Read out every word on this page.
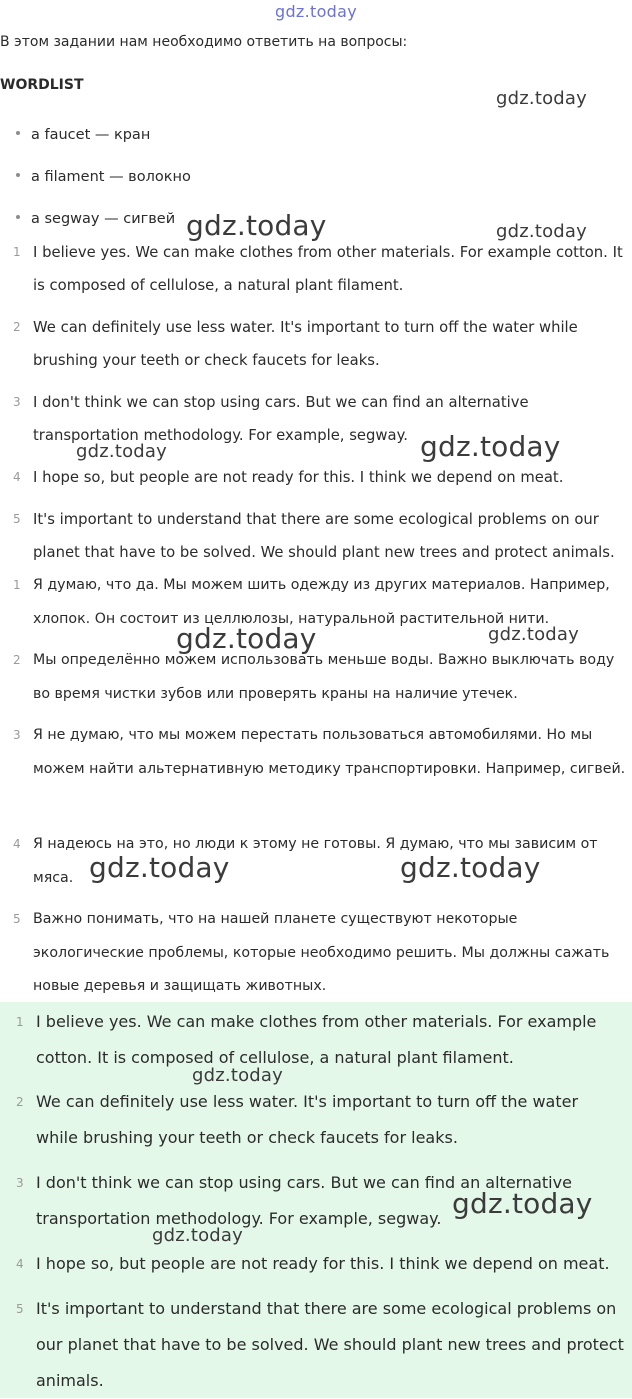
gdz.today
В этом задании нам необходимо ответить на вопросы:
WORDLIST
a faucet — кран
a filament — волокно
a segway — сигвей
1 I believe yes. We can make clothes from other materials. For example cotton. It is composed of cellulose, a natural plant filament.
2 We can definitely use less water. It's important to turn off the water while brushing your teeth or check faucets for leaks.
3 I don't think we can stop using cars. But we can find an alternative transportation methodology. For example, segway.
4 I hope so, but people are not ready for this. I think we depend on meat.
5 It's important to understand that there are some ecological problems on our planet that have to be solved. We should plant new trees and protect animals.
1 Я думаю, что да. Мы можем шить одежду из других материалов. Например, хлопок. Он состоит из целлюлозы, натуральной растительной нити.
2 Мы определённо можем использовать меньше воды. Важно выключать воду во время чистки зубов или проверять краны на наличие утечек.
3 Я не думаю, что мы можем перестать пользоваться автомобилями. Но мы можем найти альтернативную методику транспортировки. Например, сигвей.
4 Я надеюсь на это, но люди к этому не готовы. Я думаю, что мы зависим от мяса.
5 Важно понимать, что на нашей планете существуют некоторые экологические проблемы, которые необходимо решить. Мы должны сажать новые деревья и защищать животных.
1 I believe yes. We can make clothes from other materials. For example cotton. It is composed of cellulose, a natural plant filament.
2 We can definitely use less water. It's important to turn off the water while brushing your teeth or check faucets for leaks.
3 I don't think we can stop using cars. But we can find an alternative transportation methodology. For example, segway.
4 I hope so, but people are not ready for this. I think we depend on meat.
5 It's important to understand that there are some ecological problems on our planet that have to be solved. We should plant new trees and protect animals.
gdz.today
gdz.today	gdz.today
gdz.today	gdz.today
gdz.today	gdz.today
gdz.today	gdz.today
gdz.today
gdz.today
gdz.today
